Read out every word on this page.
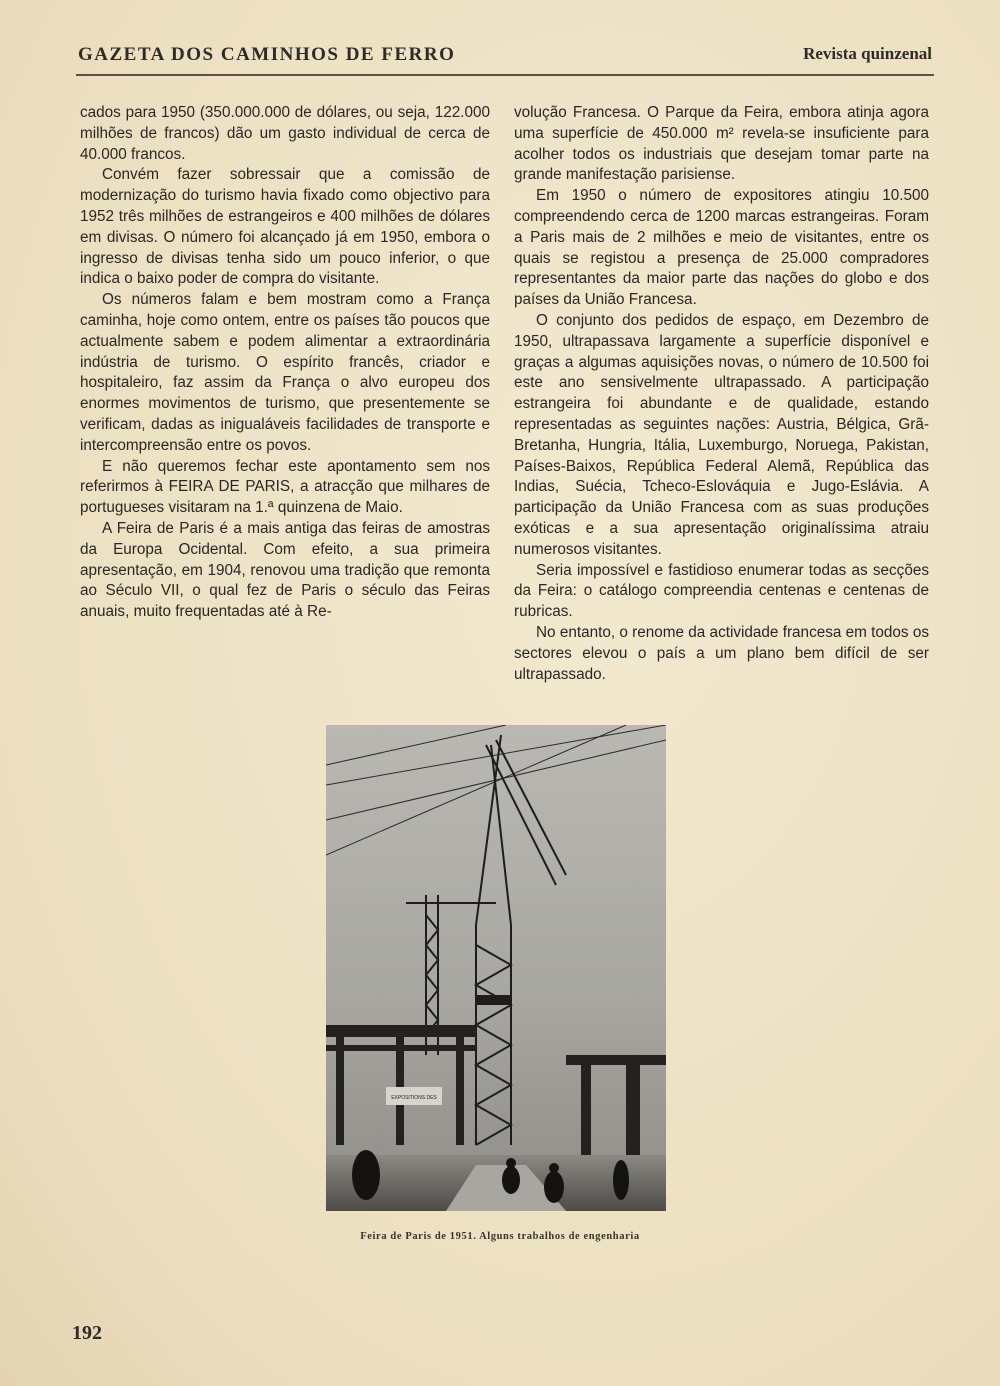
GAZETA DOS CAMINHOS DE FERRO	Revista quinzenal

cados para 1950 (350.000.000 de dólares, ou seja, 122.000 milhões de francos) dão um gasto individual de cerca de 40.000 francos.

Convém fazer sobressair que a comissão de modernização do turismo havia fixado como objectivo para 1952 três milhões de estrangeiros e 400 milhões de dólares em divisas. O número foi alcançado já em 1950, embora o ingresso de divisas tenha sido um pouco inferior, o que indica o baixo poder de compra do visitante.

Os números falam e bem mostram como a França caminha, hoje como ontem, entre os países tão poucos que actualmente sabem e podem alimentar a extraordinária indústria de turismo. O espírito francês, criador e hospitaleiro, faz assim da França o alvo europeu dos enormes movimentos de turismo, que presentemente se verificam, dadas as inigualáveis facilidades de transporte e intercompreensão entre os povos.

E não queremos fechar este apontamento sem nos referirmos à FEIRA DE PARIS, a atracção que milhares de portugueses visitaram na 1.ª quinzena de Maio.

A Feira de Paris é a mais antiga das feiras de amostras da Europa Ocidental. Com efeito, a sua primeira apresentação, em 1904, renovou uma tradição que remonta ao Século VII, o qual fez de Paris o século das Feiras anuais, muito frequentadas até à Re-

volução Francesa. O Parque da Feira, embora atinja agora uma superfície de 450.000 m² revela-se insuficiente para acolher todos os industriais que desejam tomar parte na grande manifestação parisiense.

Em 1950 o número de expositores atingiu 10.500 compreendendo cerca de 1200 marcas estrangeiras. Foram a Paris mais de 2 milhões e meio de visitantes, entre os quais se registou a presença de 25.000 compradores representantes da maior parte das nações do globo e dos países da União Francesa.

O conjunto dos pedidos de espaço, em Dezembro de 1950, ultrapassava largamente a superfície disponível e graças a algumas aquisições novas, o número de 10.500 foi este ano sensivelmente ultrapassado. A participação estrangeira foi abundante e de qualidade, estando representadas as seguintes nações: Austria, Bélgica, Grã-Bretanha, Hungria, Itália, Luxemburgo, Noruega, Pakistan, Países-Baixos, República Federal Alemã, República das Indias, Suécia, Tcheco-Eslováquia e Jugo-Eslávia. A participação da União Francesa com as suas produções exóticas e a sua apresentação originalíssima atraiu numerosos visitantes.

Seria impossível e fastidioso enumerar todas as secções da Feira: o catálogo compreendia centenas e centenas de rubricas.

No entanto, o renome da actividade francesa em todos os sectores elevou o país a um plano bem difícil de ser ultrapassado.

EXPOSITIONS DES
Feira de Paris de 1951. Alguns trabalhos de engenharia
192
